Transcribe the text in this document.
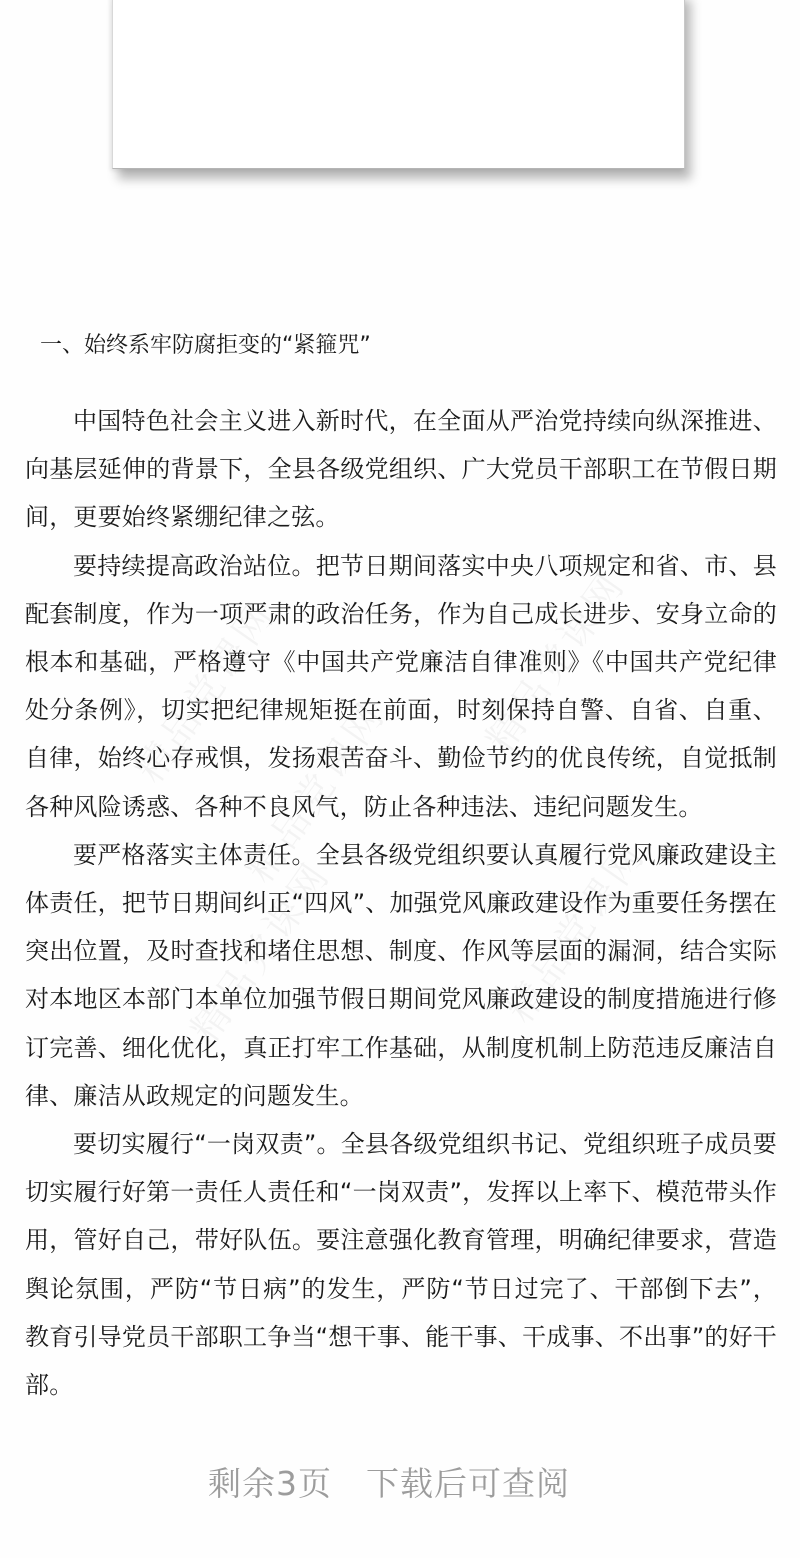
一、始终系牢防腐拒变的“紧箍咒”

中国特色社会主义进入新时代，在全面从严治党持续向纵深推进、向基层延伸的背景下，全县各级党组织、广大党员干部职工在节假日期间，更要始终紧绷纪律之弦。

要持续提高政治站位。把节日期间落实中央八项规定和省、市、县配套制度，作为一项严肃的政治任务，作为自己成长进步、安身立命的根本和基础，严格遵守《中国共产党廉洁自律准则》《中国共产党纪律处分条例》，切实把纪律规矩挺在前面，时刻保持自警、自省、自重、自律，始终心存戒惧，发扬艰苦奋斗、勤俭节约的优良传统，自觉抵制各种风险诱惑、各种不良风气，防止各种违法、违纪问题发生。

要严格落实主体责任。全县各级党组织要认真履行党风廉政建设主体责任，把节日期间纠正“四风”、加强党风廉政建设作为重要任务摆在突出位置，及时查找和堵住思想、制度、作风等层面的漏洞，结合实际对本地区本部门本单位加强节假日期间党风廉政建设的制度措施进行修订完善、细化优化，真正打牢工作基础，从制度机制上防范违反廉洁自律、廉洁从政规定的问题发生。

要切实履行“一岗双责”。全县各级党组织书记、党组织班子成员要切实履行好第一责任人责任和“一岗双责”，发挥以上率下、模范带头作用，管好自己，带好队伍。要注意强化教育管理，明确纪律要求，营造舆论氛围，严防“节日病”的发生，严防“节日过完了、干部倒下去”，教育引导党员干部职工争当“想干事、能干事、干成事、不出事”的好干部。

剩余3页 下载后可查阅
